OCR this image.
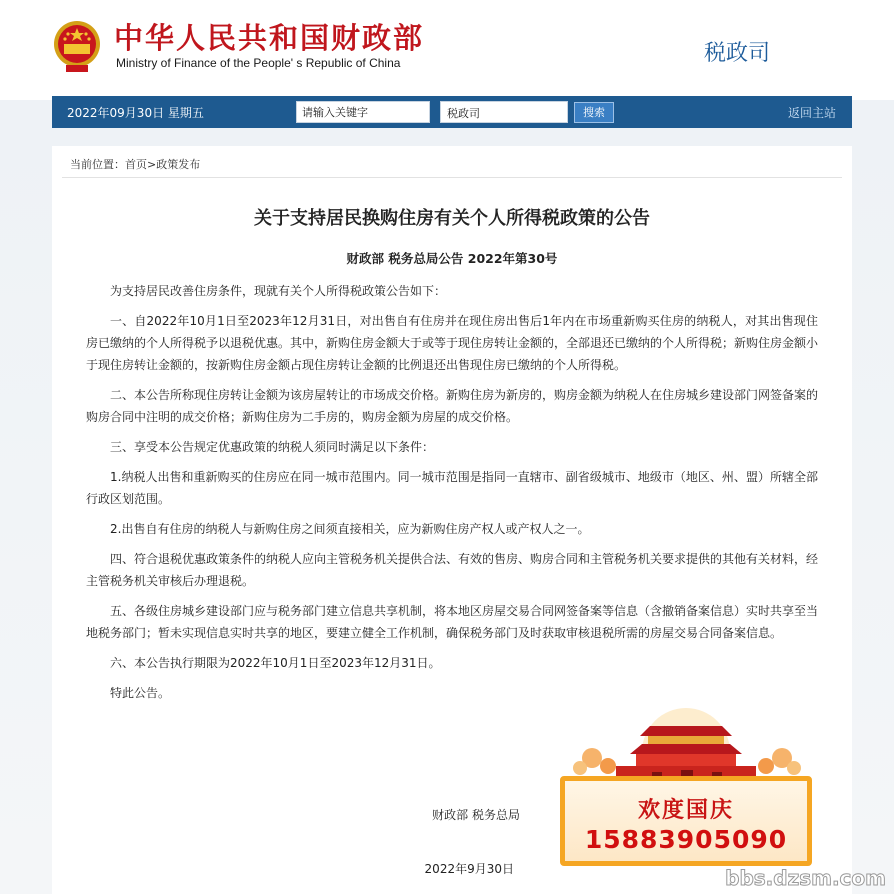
中华人民共和国财政部
Ministry of Finance of the People' s Republic of China	税政司
2022年09月30日 星期五	请输入关键字	税政司	搜索	返回主站
当前位置：首页>政策发布
关于支持居民换购住房有关个人所得税政策的公告
财政部 税务总局公告 2022年第30号

为支持居民改善住房条件，现就有关个人所得税政策公告如下：

一、自2022年10月1日至2023年12月31日，对出售自有住房并在现住房出售后1年内在市场重新购买住房的纳税人，对其出售现住房已缴纳的个人所得税予以退税优惠。其中，新购住房金额大于或等于现住房转让金额的，全部退还已缴纳的个人所得税；新购住房金额小于现住房转让金额的，按新购住房金额占现住房转让金额的比例退还出售现住房已缴纳的个人所得税。

二、本公告所称现住房转让金额为该房屋转让的市场成交价格。新购住房为新房的，购房金额为纳税人在住房城乡建设部门网签备案的购房合同中注明的成交价格；新购住房为二手房的，购房金额为房屋的成交价格。

三、享受本公告规定优惠政策的纳税人须同时满足以下条件：

1.纳税人出售和重新购买的住房应在同一城市范围内。同一城市范围是指同一直辖市、副省级城市、地级市（地区、州、盟）所辖全部行政区划范围。

2.出售自有住房的纳税人与新购住房之间须直接相关，应为新购住房产权人或产权人之一。

四、符合退税优惠政策条件的纳税人应向主管税务机关提供合法、有效的售房、购房合同和主管税务机关要求提供的其他有关材料，经主管税务机关审核后办理退税。

五、各级住房城乡建设部门应与税务部门建立信息共享机制，将本地区房屋交易合同网签备案等信息（含撤销备案信息）实时共享至当地税务部门；暂未实现信息实时共享的地区，要建立健全工作机制，确保税务部门及时获取审核退税所需的房屋交易合同备案信息。

六、本公告执行期限为2022年10月1日至2023年12月31日。

特此公告。

财政部 税务总局
2022年9月30日
欢度国庆
15883905090
bbs.dzsm.com
